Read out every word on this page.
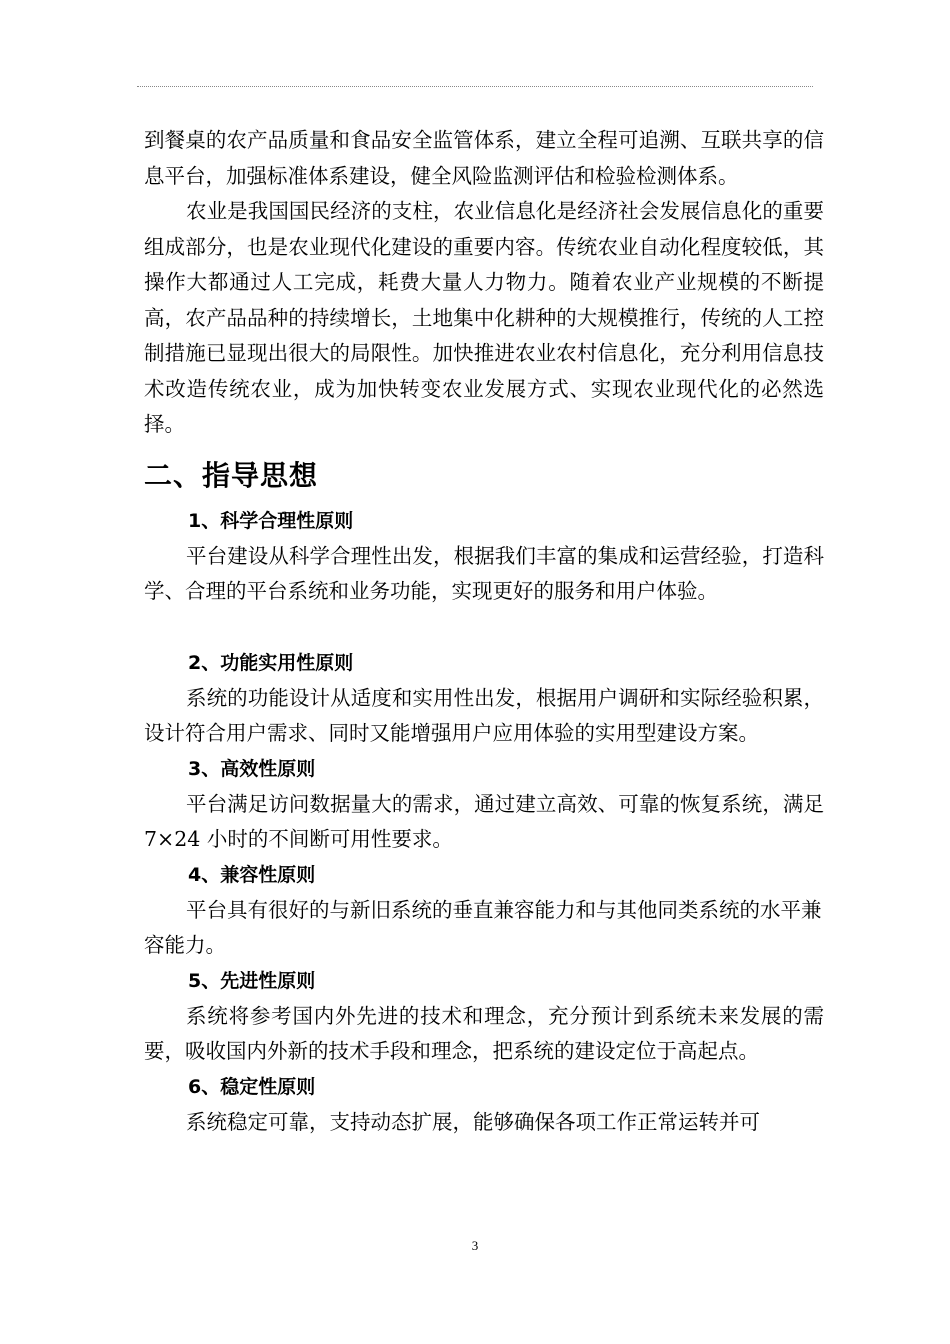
到餐桌的农产品质量和食品安全监管体系，建立全程可追溯、互联共享的信息平台，加强标准体系建设，健全风险监测评估和检验检测体系。

农业是我国国民经济的支柱，农业信息化是经济社会发展信息化的重要组成部分，也是农业现代化建设的重要内容。传统农业自动化程度较低，其操作大都通过人工完成，耗费大量人力物力。随着农业产业规模的不断提高，农产品品种的持续增长，土地集中化耕种的大规模推行，传统的人工控制措施已显现出很大的局限性。加快推进农业农村信息化，充分利用信息技术改造传统农业，成为加快转变农业发展方式、实现农业现代化的必然选择。

二、指导思想
1、科学合理性原则

平台建设从科学合理性出发，根据我们丰富的集成和运营经验，打造科学、合理的平台系统和业务功能，实现更好的服务和用户体验。

2、功能实用性原则

系统的功能设计从适度和实用性出发，根据用户调研和实际经验积累，设计符合用户需求、同时又能增强用户应用体验的实用型建设方案。

3、高效性原则

平台满足访问数据量大的需求，通过建立高效、可靠的恢复系统，满足 7×24 小时的不间断可用性要求。

4、兼容性原则

平台具有很好的与新旧系统的垂直兼容能力和与其他同类系统的水平兼容能力。

5、先进性原则

系统将参考国内外先进的技术和理念，充分预计到系统未来发展的需要，吸收国内外新的技术手段和理念，把系统的建设定位于高起点。

6、稳定性原则

系统稳定可靠，支持动态扩展，能够确保各项工作正常运转并可

3
